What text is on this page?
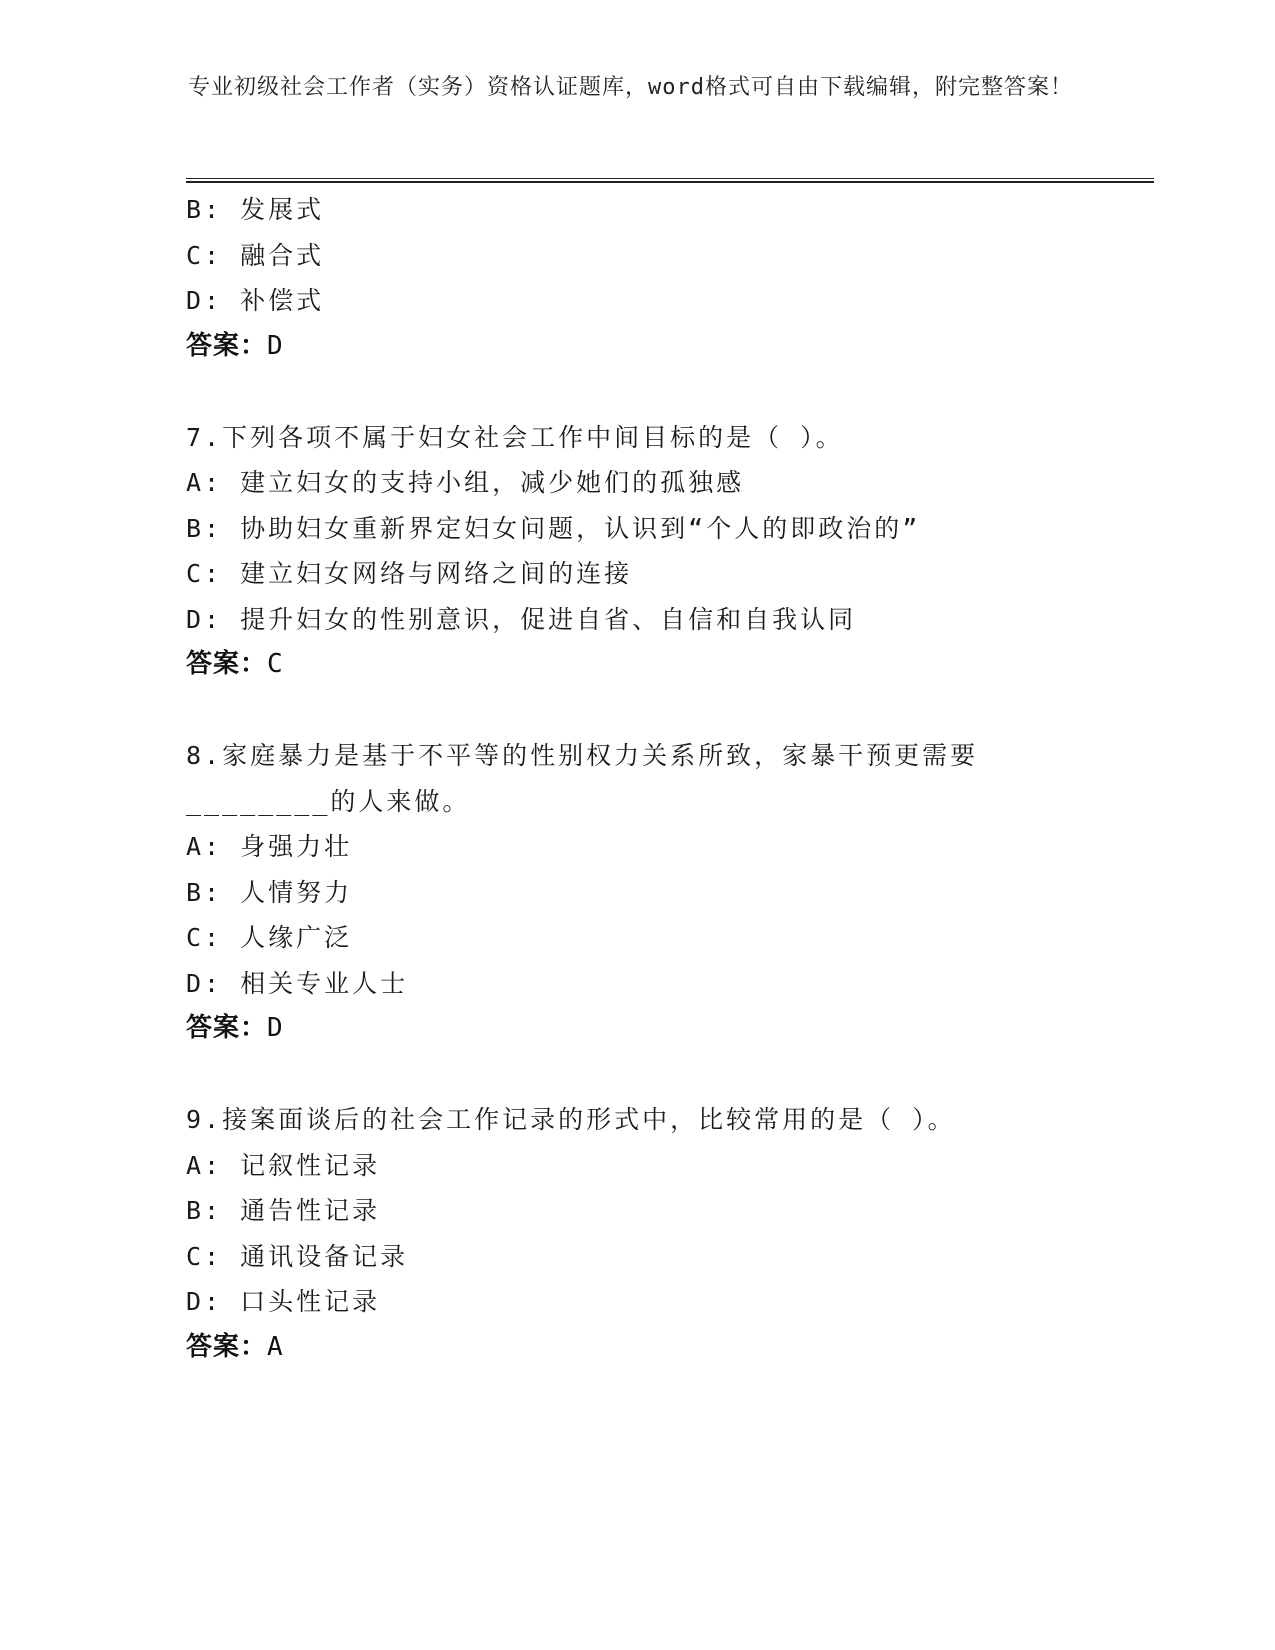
专业初级社会工作者（实务）资格认证题库，word格式可自由下载编辑，附完整答案！
B: 发展式
C: 融合式
D: 补偿式
答案：D
7.下列各项不属于妇女社会工作中间目标的是（ ）。
A: 建立妇女的支持小组，减少她们的孤独感
B: 协助妇女重新界定妇女问题，认识到“个人的即政治的”
C: 建立妇女网络与网络之间的连接
D: 提升妇女的性别意识，促进自省、自信和自我认同
答案：C
8.家庭暴力是基于不平等的性别权力关系所致，家暴干预更需要
________的人来做。
A: 身强力壮
B: 人情努力
C: 人缘广泛
D: 相关专业人士
答案：D
9.接案面谈后的社会工作记录的形式中，比较常用的是（ ）。
A: 记叙性记录
B: 通告性记录
C: 通讯设备记录
D: 口头性记录
答案：A
